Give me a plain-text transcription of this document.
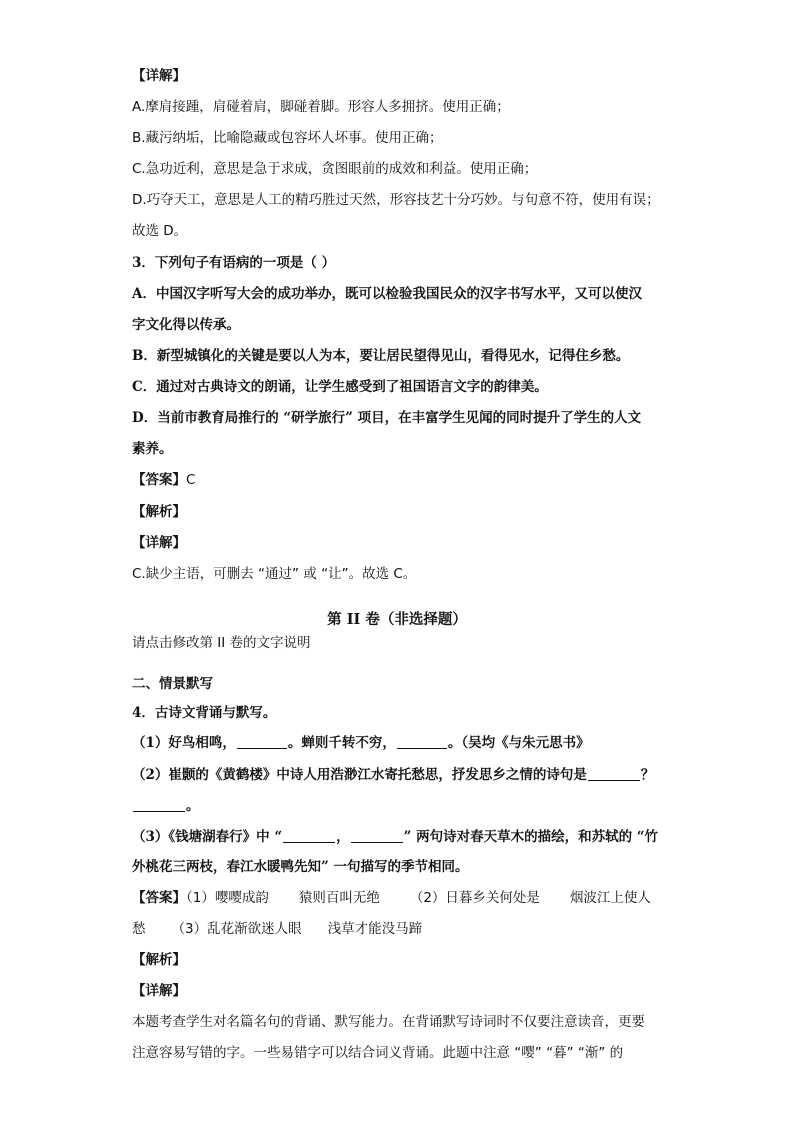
【详解】
A.摩肩接踵，肩碰着肩，脚碰着脚。形容人多拥挤。使用正确；
B.藏污纳垢，比喻隐藏或包容坏人坏事。使用正确；
C.急功近利，意思是急于求成，贪图眼前的成效和利益。使用正确；
D.巧夺天工，意思是人工的精巧胜过天然，形容技艺十分巧妙。与句意不符，使用有误；
故选 D。
3．下列句子有语病的一项是（ ）
A．中国汉字听写大会的成功举办，既可以检验我国民众的汉字书写水平，又可以使汉
字文化得以传承。
B．新型城镇化的关键是要以人为本，要让居民望得见山，看得见水，记得住乡愁。
C．通过对古典诗文的朗诵，让学生感受到了祖国语言文字的韵律美。
D．当前市教育局推行的 “研学旅行” 项目，在丰富学生见闻的同时提升了学生的人文
素养。
【答案】C
【解析】
【详解】
C.缺少主语，可删去 “通过” 或 “让”。故选 C。
第 II 卷（非选择题）
请点击修改第 II 卷的文字说明
二、情景默写
4．古诗文背诵与默写。
（1）好鸟相鸣，	。蝉则千转不穷，	。（吴均《与朱元思书》
（2）崔颢的《黄鹤楼》中诗人用浩渺江水寄托愁思，抒发思乡之情的诗句是	？
。
（3）《钱塘湖春行》中 “	，	” 两句诗对春天草木的描绘，和苏轼的 “竹
外桃花三两枝，春江水暖鸭先知” 一句描写的季节相同。
【答案】（1）嘤嘤成韵 猿则百叫无绝 （2）日暮乡关何处是 烟波江上使人
愁 （3）乱花渐欲迷人眼 浅草才能没马蹄
【解析】
【详解】
本题考查学生对名篇名句的背诵、默写能力。在背诵默写诗词时不仅要注意读音，更要
注意容易写错的字。一些易错字可以结合词义背诵。此题中注意 “嘤” “暮” “渐” 的
